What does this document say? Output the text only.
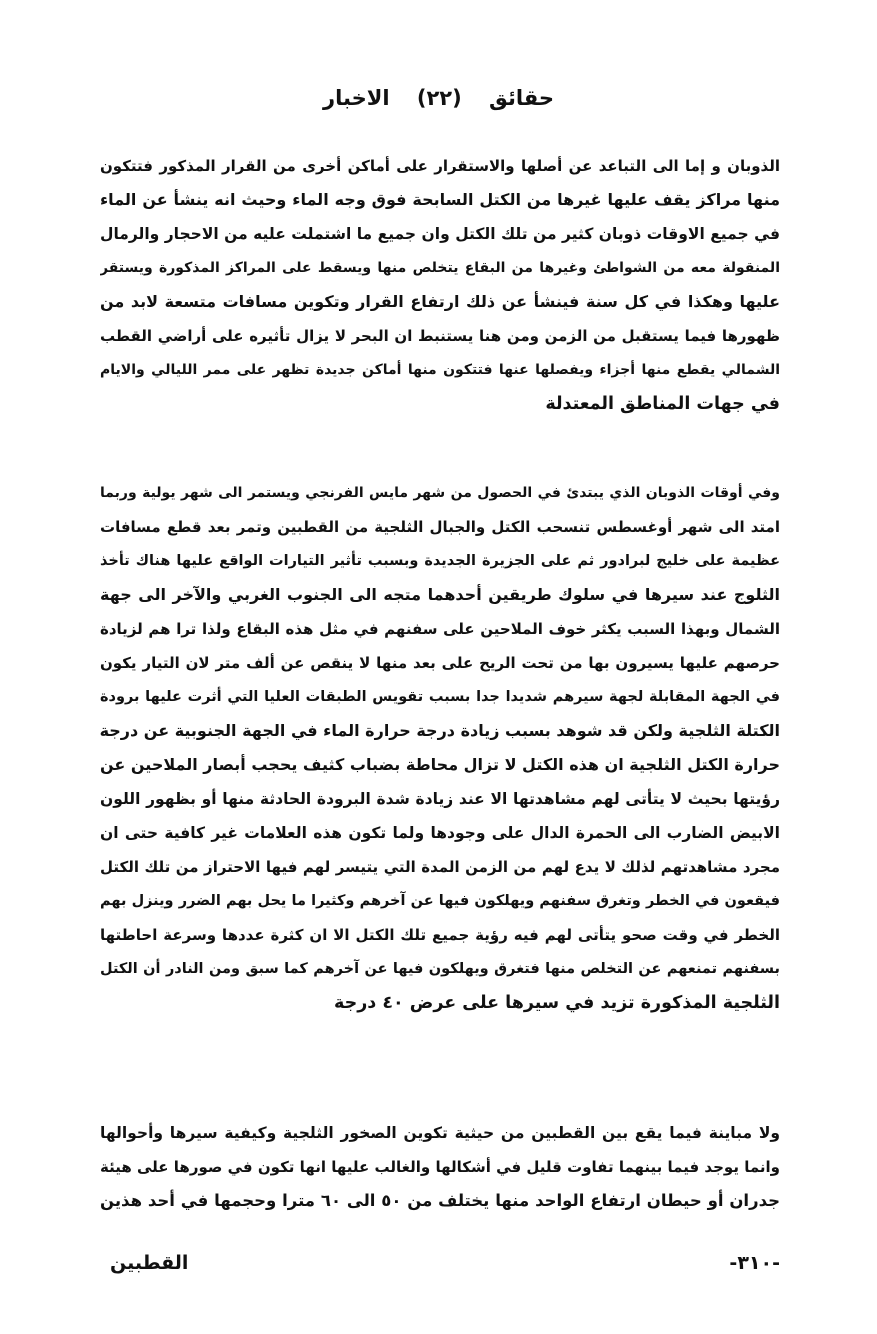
حقائق (٢٢) الاخبار
الذوبان و إما الى التباعد عن أصلها والاستقرار على أماكن أخرى من القرار المذكور فتتكون
منها مراكز يقف عليها غيرها من الكتل السابحة فوق وجه الماء وحيث انه ينشأ عن الماء
في جميع الاوقات ذوبان كثير من تلك الكتل وان جميع ما اشتملت عليه من الاحجار والرمال
المنقولة معه من الشواطئ وغيرها من البقاع يتخلص منها ويسقط على المراكز المذكورة ويستقر
عليها وهكذا في كل سنة فينشأ عن ذلك ارتفاع القرار وتكوين مسافات متسعة لابد من
ظهورها فيما يستقبل من الزمن ومن هنا يستنبط ان البحر لا يزال تأثيره على أراضي القطب
الشمالي يقطع منها أجزاء ويفصلها عنها فتتكون منها أماكن جديدة تظهر على ممر الليالي والايام
في جهات المناطق المعتدلة
وفي أوقات الذوبان الذي يبتدئ في الحصول من شهر مايس الفرنجي ويستمر الى شهر يولية وربما
امتد الى شهر أوغسطس تنسحب الكتل والجبال الثلجية من القطبين وتمر بعد قطع مسافات
عظيمة على خليج لبرادور ثم على الجزيرة الجديدة وبسبب تأثير التيارات الواقع عليها هناك تأخذ
الثلوج عند سيرها في سلوك طريقين أحدهما متجه الى الجنوب الغربي والآخر الى جهة
الشمال وبهذا السبب يكثر خوف الملاحين على سفنهم في مثل هذه البقاع ولذا ترا هم لزيادة
حرصهم عليها يسيرون بها من تحت الريح على بعد منها لا ينقص عن ألف متر لان التيار يكون
في الجهة المقابلة لجهة سيرهم شديدا جدا بسبب تقويس الطبقات العليا التي أثرت عليها برودة
الكتلة الثلجية ولكن قد شوهد بسبب زيادة درجة حرارة الماء في الجهة الجنوبية عن درجة
حرارة الكتل الثلجية ان هذه الكتل لا تزال محاطة بضباب كثيف يحجب أبصار الملاحين عن
رؤيتها بحيث لا يتأتى لهم مشاهدتها الا عند زيادة شدة البرودة الحادثة منها أو بظهور اللون
الابيض الضارب الى الحمرة الدال على وجودها ولما تكون هذه العلامات غير كافية حتى ان
مجرد مشاهدتهم لذلك لا يدع لهم من الزمن المدة التي يتيسر لهم فيها الاحتراز من تلك الكتل
فيقعون في الخطر وتغرق سفنهم ويهلكون فيها عن آخرهم وكثيرا ما يحل بهم الضرر وينزل بهم
الخطر في وقت صحو يتأتى لهم فيه رؤية جميع تلك الكتل الا ان كثرة عددها وسرعة احاطتها
بسفنهم تمنعهم عن التخلص منها فتغرق ويهلكون فيها عن آخرهم كما سبق ومن النادر أن الكتل
الثلجية المذكورة تزيد في سيرها على عرض ٤٠ درجة
ولا مباينة فيما يقع بين القطبين من حيثية تكوين الصخور الثلجية وكيفية سيرها وأحوالها
وانما يوجد فيما بينهما تفاوت قليل في أشكالها والغالب عليها انها تكون في صورها على هيئة
جدران أو حيطان ارتفاع الواحد منها يختلف من ٥٠ الى ٦٠ مترا وحجمها في أحد هذين
القطبين	-٣١٠-
